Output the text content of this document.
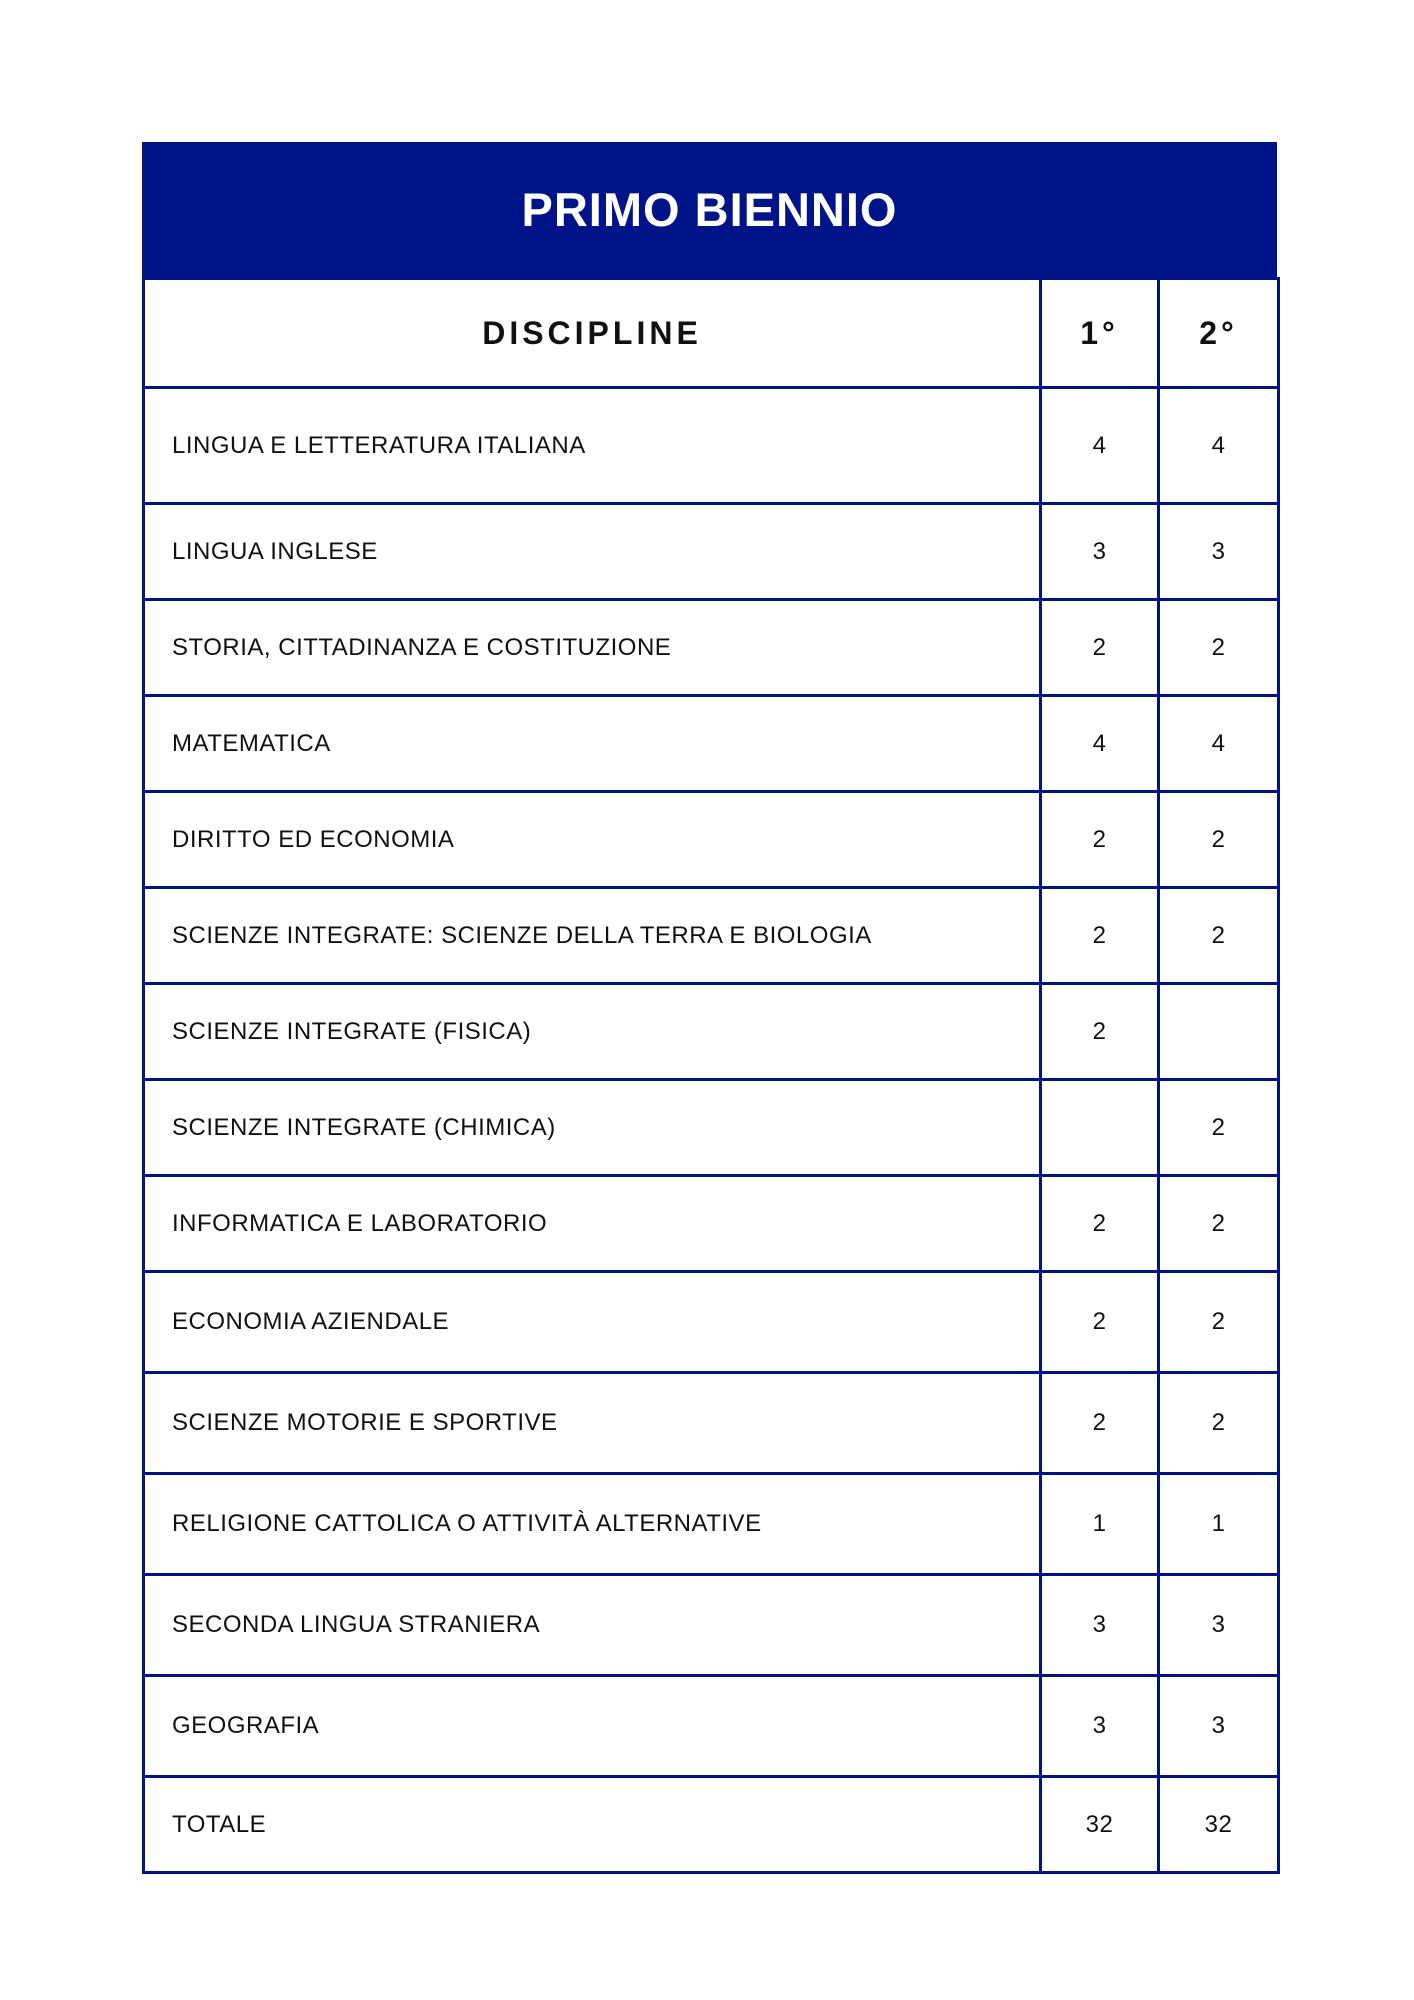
PRIMO BIENNIO
DISCIPLINE	1°	2°
LINGUA E LETTERATURA ITALIANA	4	4
LINGUA INGLESE	3	3
STORIA, CITTADINANZA E COSTITUZIONE	2	2
MATEMATICA	4	4
DIRITTO ED ECONOMIA	2	2
SCIENZE INTEGRATE: SCIENZE DELLA TERRA E BIOLOGIA	2	2
SCIENZE INTEGRATE (FISICA)	2	
SCIENZE INTEGRATE (CHIMICA)		2
INFORMATICA E LABORATORIO	2	2
ECONOMIA AZIENDALE	2	2
SCIENZE MOTORIE E SPORTIVE	2	2
RELIGIONE CATTOLICA O ATTIVITÀ ALTERNATIVE	1	1
SECONDA LINGUA STRANIERA	3	3
GEOGRAFIA	3	3
TOTALE	32	32
